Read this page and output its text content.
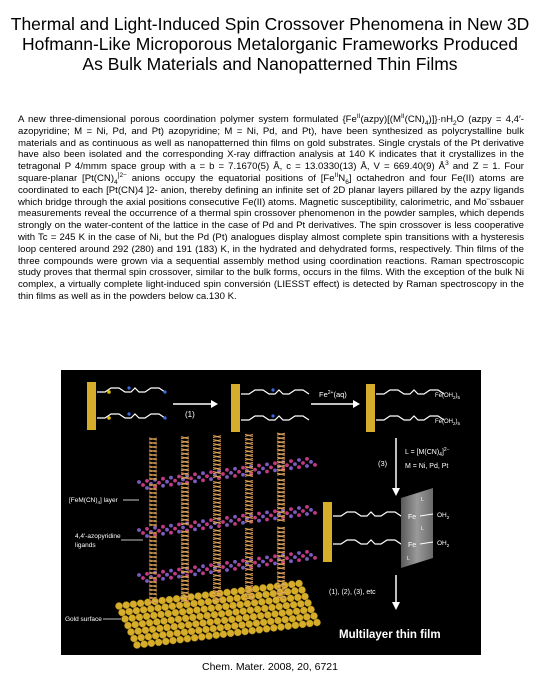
Thermal and Light-Induced Spin Crossover Phenomena in New 3D Hofmann-Like Microporous Metalorganic Frameworks Produced As Bulk Materials and Nanopatterned Thin Films

A new three-dimensional porous coordination polymer system formulated $\{Fe^{II}(azpy)[(M^{II}(CN)_4)]\}\cdot nH_2O$ (azpy = 4,4′-azopyridine; M = Ni, Pd, and Pt) azopyridine; M = Ni, Pd, and Pt), have been synthesized as polycrystalline bulk materials and as continuous as well as nanopatterned thin films on gold substrates. Single crystals of the Pt derivative have also been isolated and the corresponding X-ray diffraction analysis at 140 K indicates that it crystallizes in the tetragonal P 4/mmm space group with a = b = 7.1670(5) Å, c = 13.0330(13) Å, V = 669.40(9) $Å^3$ and Z = 1. Four square-planar [$Pt(CN)_4^{]2-}$ anions occupy the equatorial positions of $[Fe^{II}N_6]$ octahedron and four Fe(II) atoms are coordinated to each [Pt(CN)4 ]2- anion, thereby defining an infinite set of 2D planar layers pillared by the azpy ligands which bridge through the axial positions consecutive Fe(II) atoms. Magnetic susceptibility, calorimetric, and Mo¨ssbauer measurements reveal the occurrence of a thermal spin crossover phenomenon in the powder samples, which depends strongly on the water-content of the lattice in the case of Pd and Pt derivatives. The spin crossover is less cooperative with Tc = 245 K in the case of Ni, but the Pd (Pt) analogues display almost complete spin transitions with a hysteresis loop centered around 292 (280) and 191 (183) K, in the hydrated and dehydrated forms, respectively. Thin films of the three compounds were grown via a sequential assembly method using coordination reactions. Raman spectroscopic study proves that thermal spin crossover, similar to the bulk forms, occurs in the films. With the exception of the bulk Ni complex, a virtually complete light-induced spin conversión (LIESST effect) is detected by Raman spectroscopy in the thin films as well as in the powders below ca.130 K.

(1)
$Fe^{2+}(aq)$	$Fe(OH_2)_5$
$Fe(OH_2)_5$
(3)
$L = [M(CN)_4]^{2-}$
M = Ni, Pd, Pt
Fe
Fe
L
L
L
$OH_2$
$OH_2$
(1), (2), (3), etc
Multilayer thin film
$[FeM(CN)_4]$ layer
4,4′-azopyridine
ligands
Gold surface

Chem. Mater. 2008, 20, 6721
